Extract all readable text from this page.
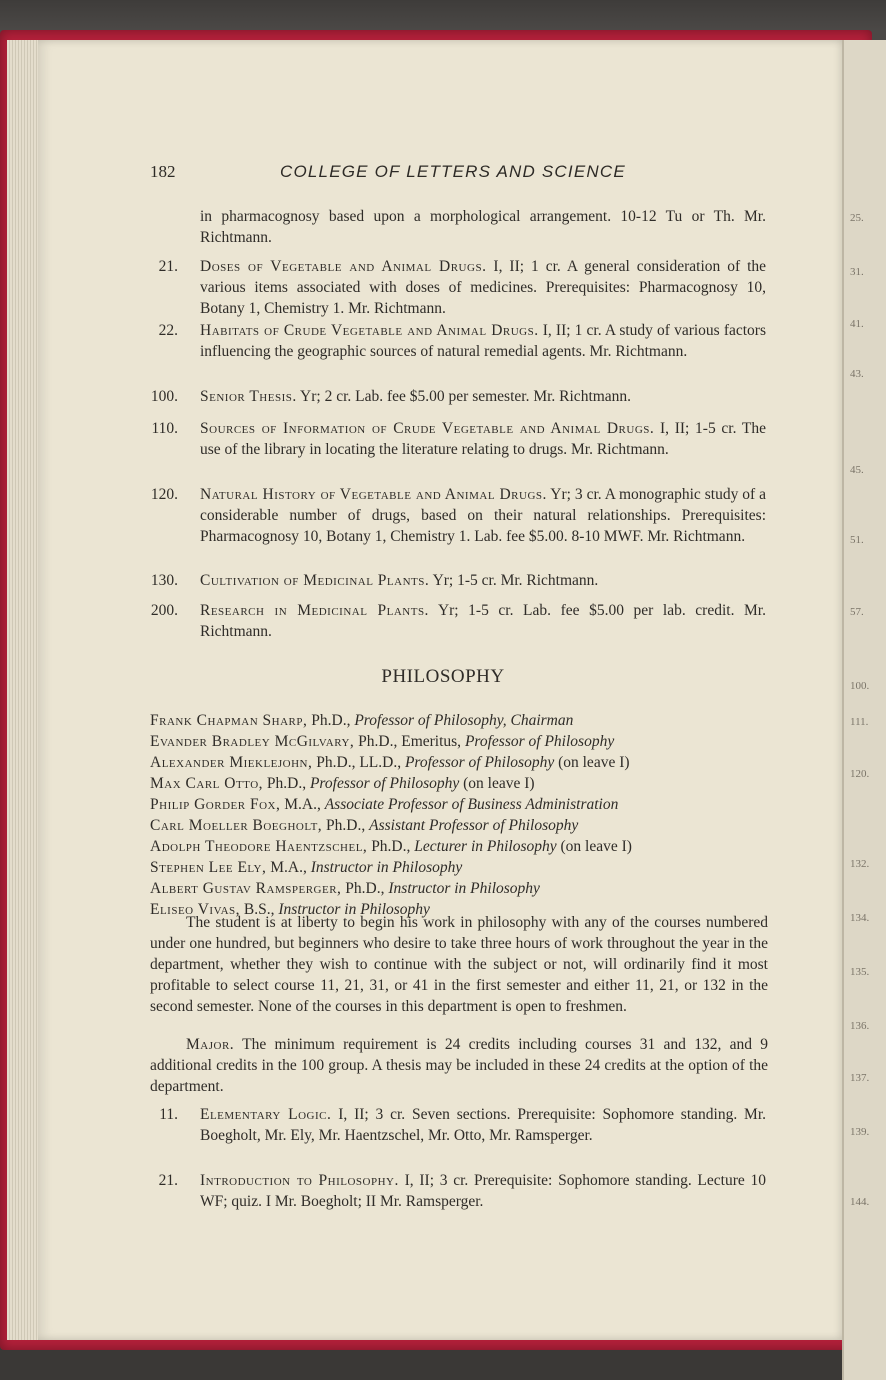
25.
31.
41.
43.
45.
51.
57.
100.
111.
120.
132.
134.
135.
136.
137.
139.
144.
182	COLLEGE OF LETTERS AND SCIENCE
in pharmacognosy based upon a morphological arrangement. 10-12 Tu or Th. Mr. Richtmann.
21. Doses of Vegetable and Animal Drugs. I, II; 1 cr. A general consideration of the various items associated with doses of medicines. Prerequisites: Pharmacognosy 10, Botany 1, Chemistry 1. Mr. Richtmann.
22. Habitats of Crude Vegetable and Animal Drugs. I, II; 1 cr. A study of various factors influencing the geographic sources of natural remedial agents. Mr. Richtmann.
100. Senior Thesis. Yr; 2 cr. Lab. fee $5.00 per semester. Mr. Richtmann.
110. Sources of Information of Crude Vegetable and Animal Drugs. I, II; 1-5 cr. The use of the library in locating the literature relating to drugs. Mr. Richtmann.
120. Natural History of Vegetable and Animal Drugs. Yr; 3 cr. A monographic study of a considerable number of drugs, based on their natural relationships. Prerequisites: Pharmacognosy 10, Botany 1, Chemistry 1. Lab. fee $5.00. 8-10 MWF. Mr. Richtmann.
130. Cultivation of Medicinal Plants. Yr; 1-5 cr. Mr. Richtmann.
200. Research in Medicinal Plants. Yr; 1-5 cr. Lab. fee $5.00 per lab. credit. Mr. Richtmann.
PHILOSOPHY
Frank Chapman Sharp, Ph.D., Professor of Philosophy, Chairman
Evander Bradley McGilvary, Ph.D., Emeritus, Professor of Philosophy
Alexander Mieklejohn, Ph.D., LL.D., Professor of Philosophy (on leave I)
Max Carl Otto, Ph.D., Professor of Philosophy (on leave I)
Philip Gorder Fox, M.A., Associate Professor of Business Administration
Carl Moeller Boegholt, Ph.D., Assistant Professor of Philosophy
Adolph Theodore Haentzschel, Ph.D., Lecturer in Philosophy (on leave I)
Stephen Lee Ely, M.A., Instructor in Philosophy
Albert Gustav Ramsperger, Ph.D., Instructor in Philosophy
Eliseo Vivas, B.S., Instructor in Philosophy
The student is at liberty to begin his work in philosophy with any of the courses numbered under one hundred, but beginners who desire to take three hours of work throughout the year in the department, whether they wish to continue with the subject or not, will ordinarily find it most profitable to select course 11, 21, 31, or 41 in the first semester and either 11, 21, or 132 in the second semester. None of the courses in this department is open to freshmen.
Major. The minimum requirement is 24 credits including courses 31 and 132, and 9 additional credits in the 100 group. A thesis may be included in these 24 credits at the option of the department.
11. Elementary Logic. I, II; 3 cr. Seven sections. Prerequisite: Sophomore standing. Mr. Boegholt, Mr. Ely, Mr. Haentzschel, Mr. Otto, Mr. Ramsperger.
21. Introduction to Philosophy. I, II; 3 cr. Prerequisite: Sophomore standing. Lecture 10 WF; quiz. I Mr. Boegholt; II Mr. Ramsperger.
